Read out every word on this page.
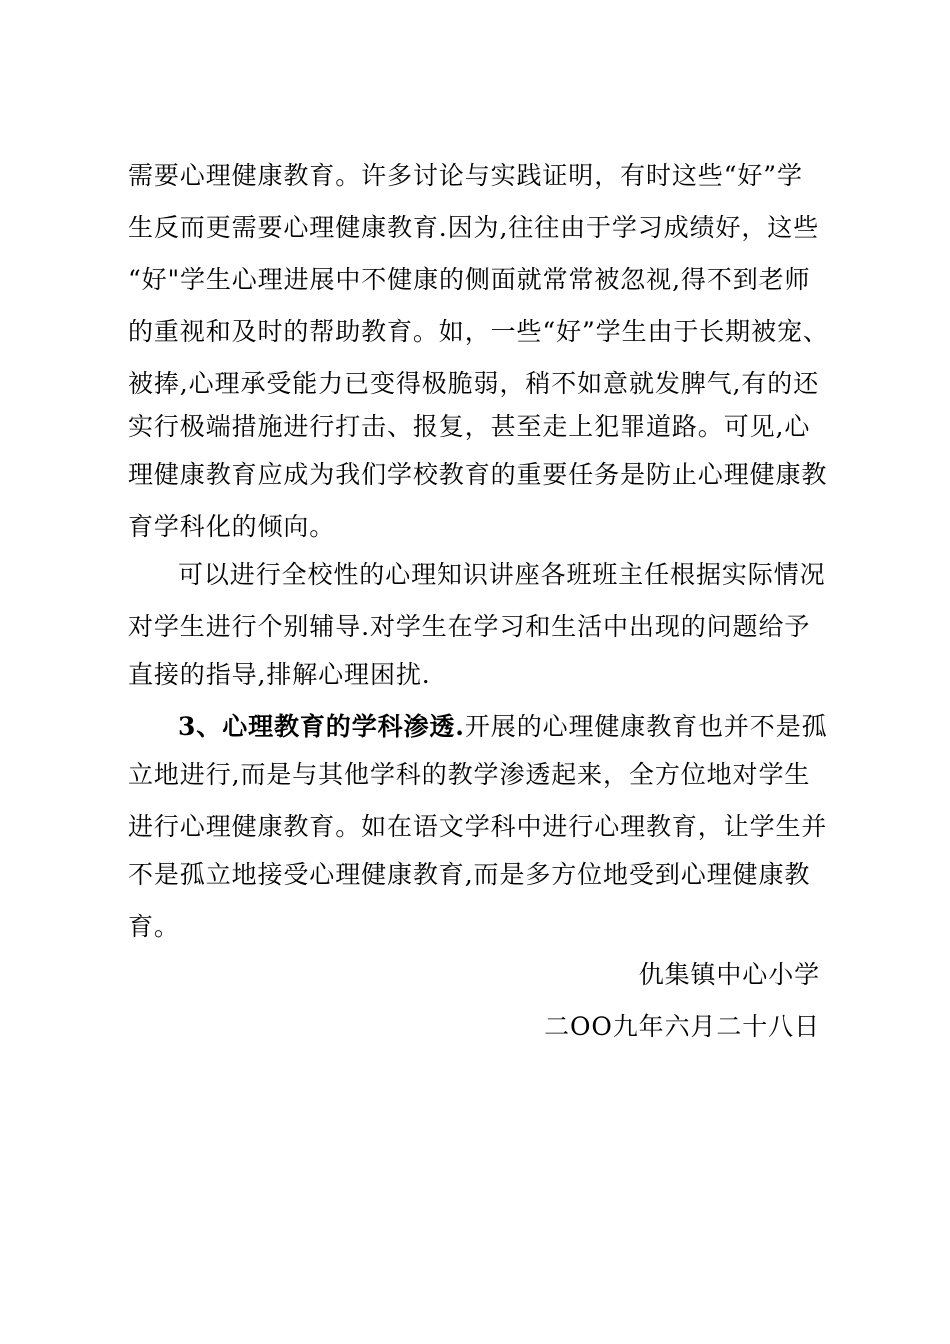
需要心理健康教育。许多讨论与实践证明，有时这些“好”学
生反而更需要心理健康教育.因为,往往由于学习成绩好，这些
“好"学生心理进展中不健康的侧面就常常被忽视,得不到老师
的重视和及时的帮助教育。如，一些“好”学生由于长期被宠、
被捧,心理承受能力已变得极脆弱，稍不如意就发脾气,有的还
实行极端措施进行打击、报复，甚至走上犯罪道路。可见,心
理健康教育应成为我们学校教育的重要任务是防止心理健康教
育学科化的倾向。
可以进行全校性的心理知识讲座各班班主任根据实际情况
对学生进行个别辅导.对学生在学习和生活中出现的问题给予
直接的指导,排解心理困扰.
3、心理教育的学科渗透.开展的心理健康教育也并不是孤
立地进行,而是与其他学科的教学渗透起来，全方位地对学生
进行心理健康教育。如在语文学科中进行心理教育，让学生并
不是孤立地接受心理健康教育,而是多方位地受到心理健康教
育。
仇集镇中心小学
二OO九年六月二十八日
